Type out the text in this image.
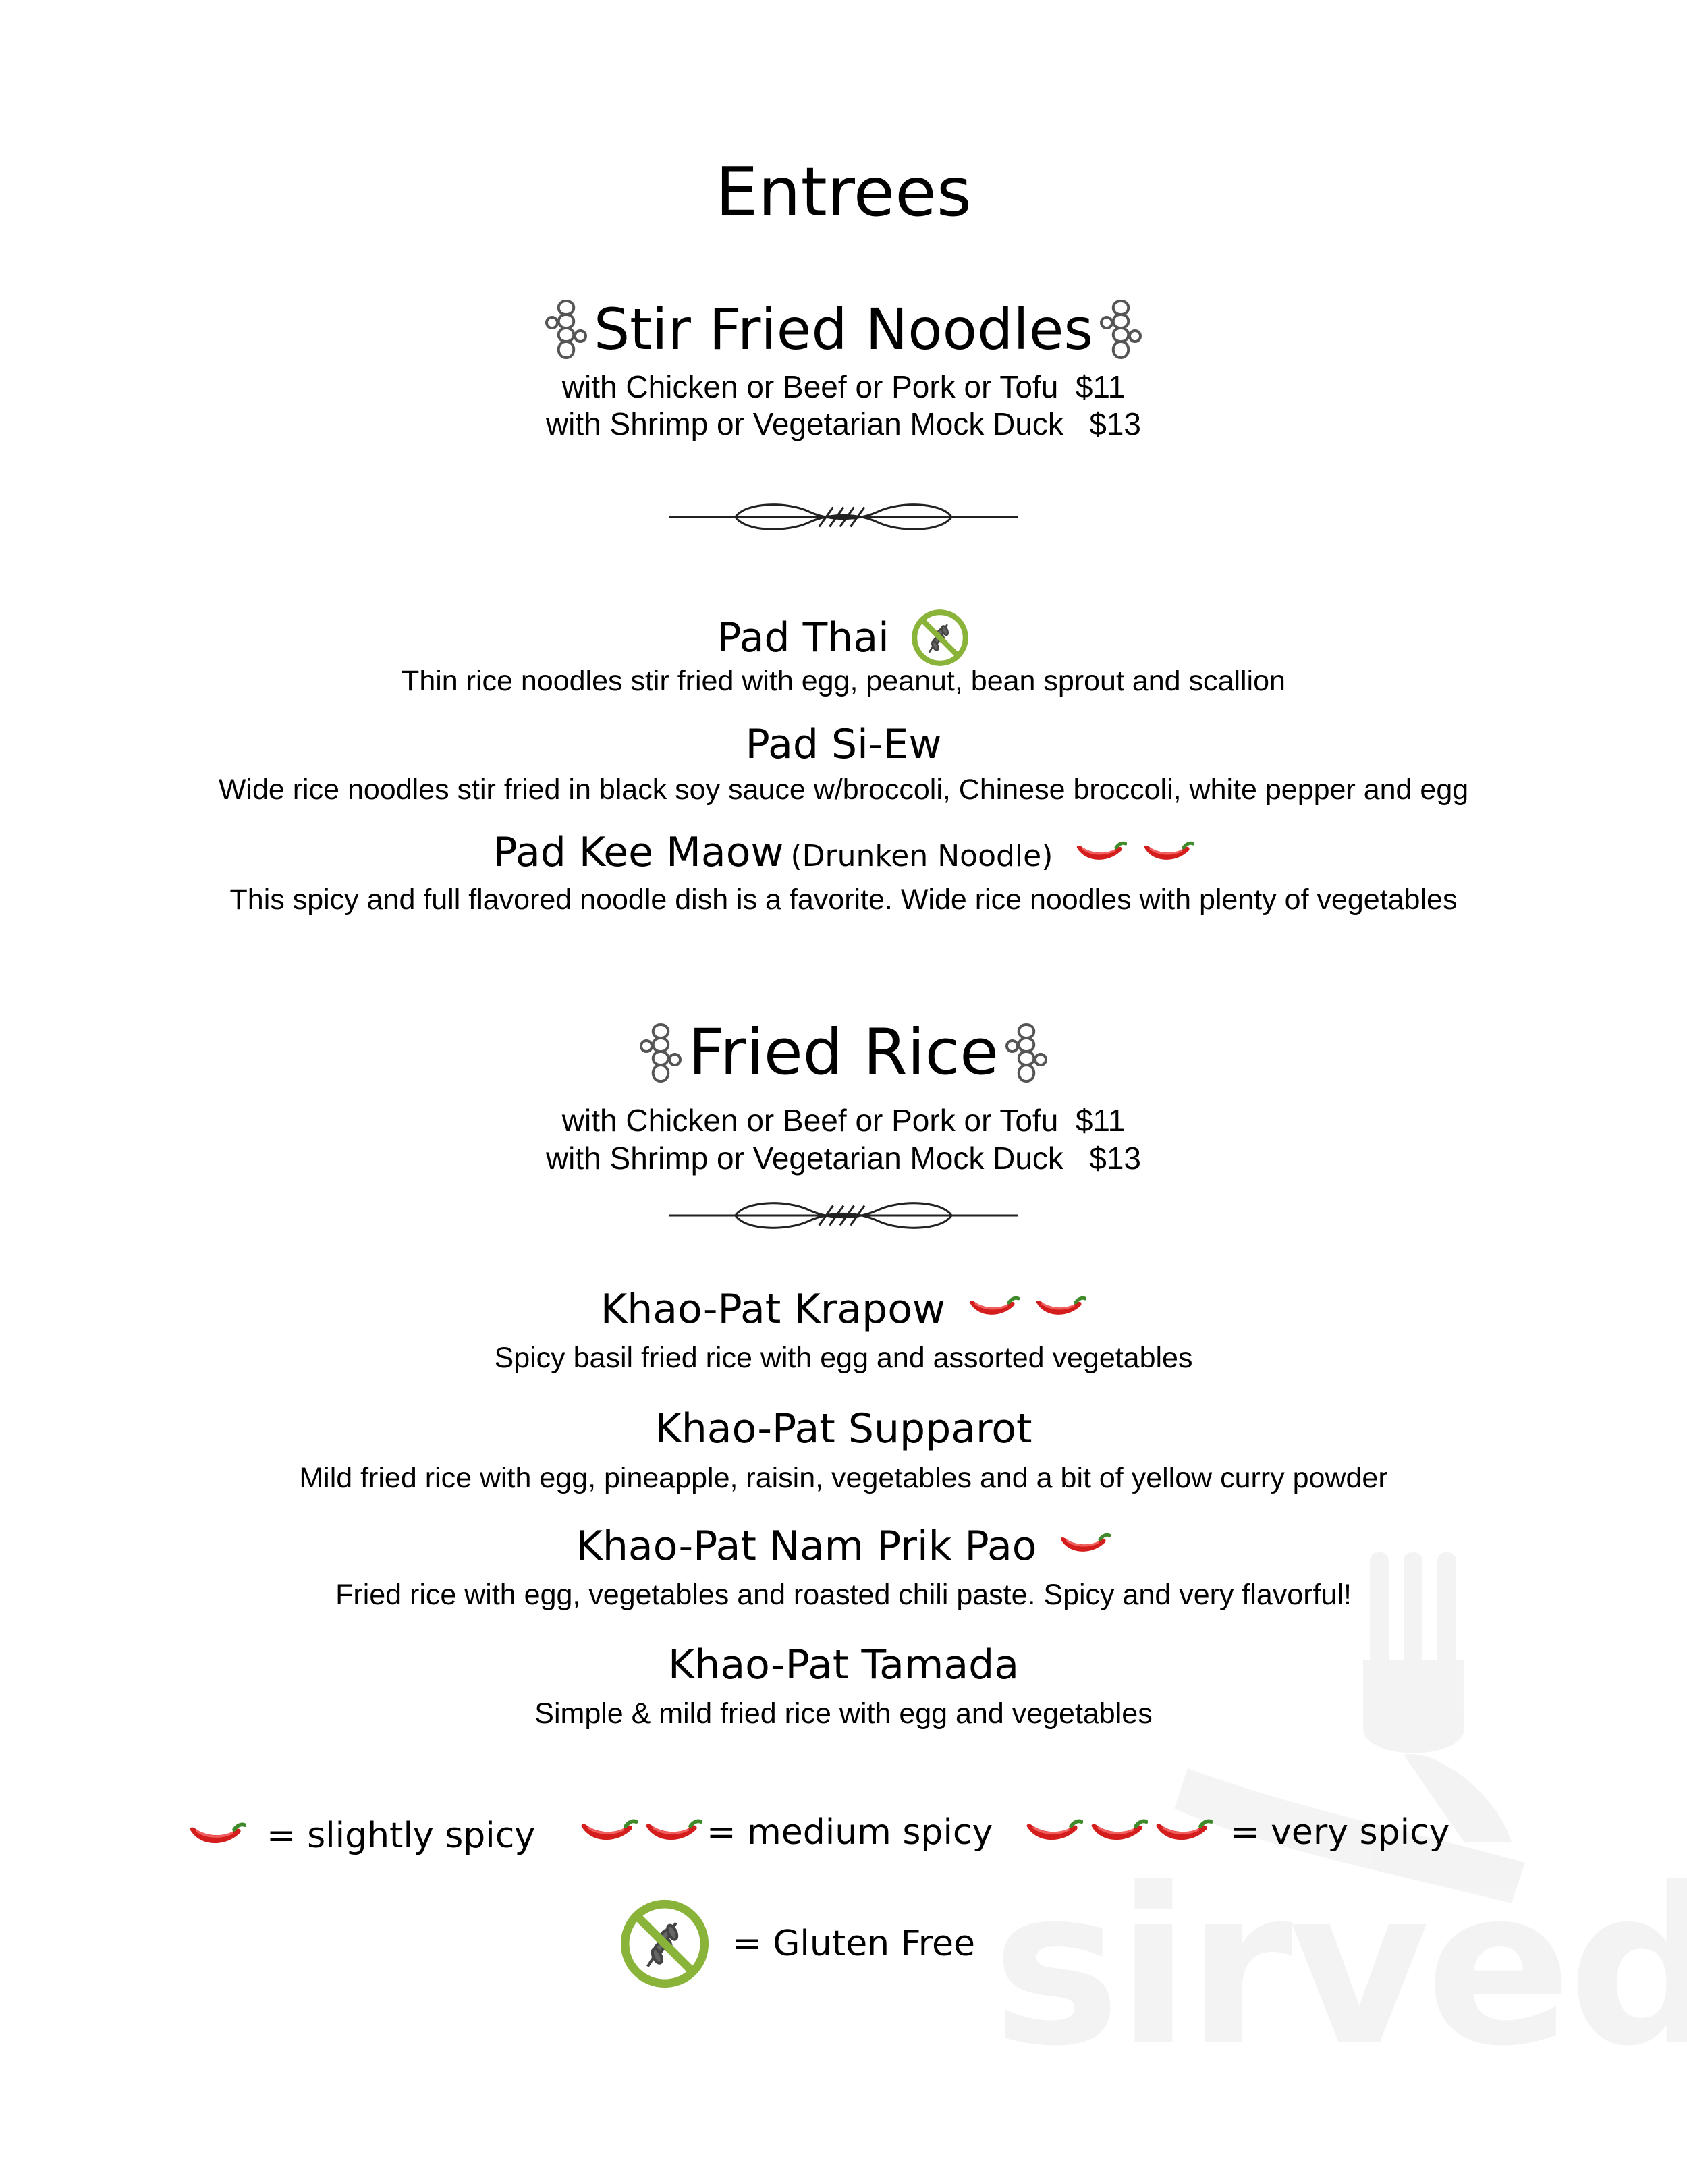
Entrees
Stir Fried Noodles
with Chicken or Beef or Pork or Tofu  $11
with Shrimp or Vegetarian Mock Duck   $13
Pad Thai
Thin rice noodles stir fried with egg, peanut, bean sprout and scallion
Pad Si-Ew
Wide rice noodles stir fried in black soy sauce w/broccoli, Chinese broccoli, white pepper and egg
Pad Kee Maow (Drunken Noodle)

This spicy and full flavored noodle dish is a favorite. Wide rice noodles with plenty of vegetables
Fried Rice
with Chicken or Beef or Pork or Tofu  $11
with Shrimp or Vegetarian Mock Duck   $13
Khao-Pat Krapow

Spicy basil fried rice with egg and assorted vegetables
Khao-Pat Supparot
Mild fried rice with egg, pineapple, raisin, vegetables and a bit of yellow curry powder
Khao-Pat Nam Prik Pao
Fried rice with egg, vegetables and roasted chili paste. Spicy and very flavorful!
Khao-Pat Tamada
Simple & mild fried rice with egg and vegetables
= slightly spicy	= medium spicy	= very spicy
= Gluten Free
